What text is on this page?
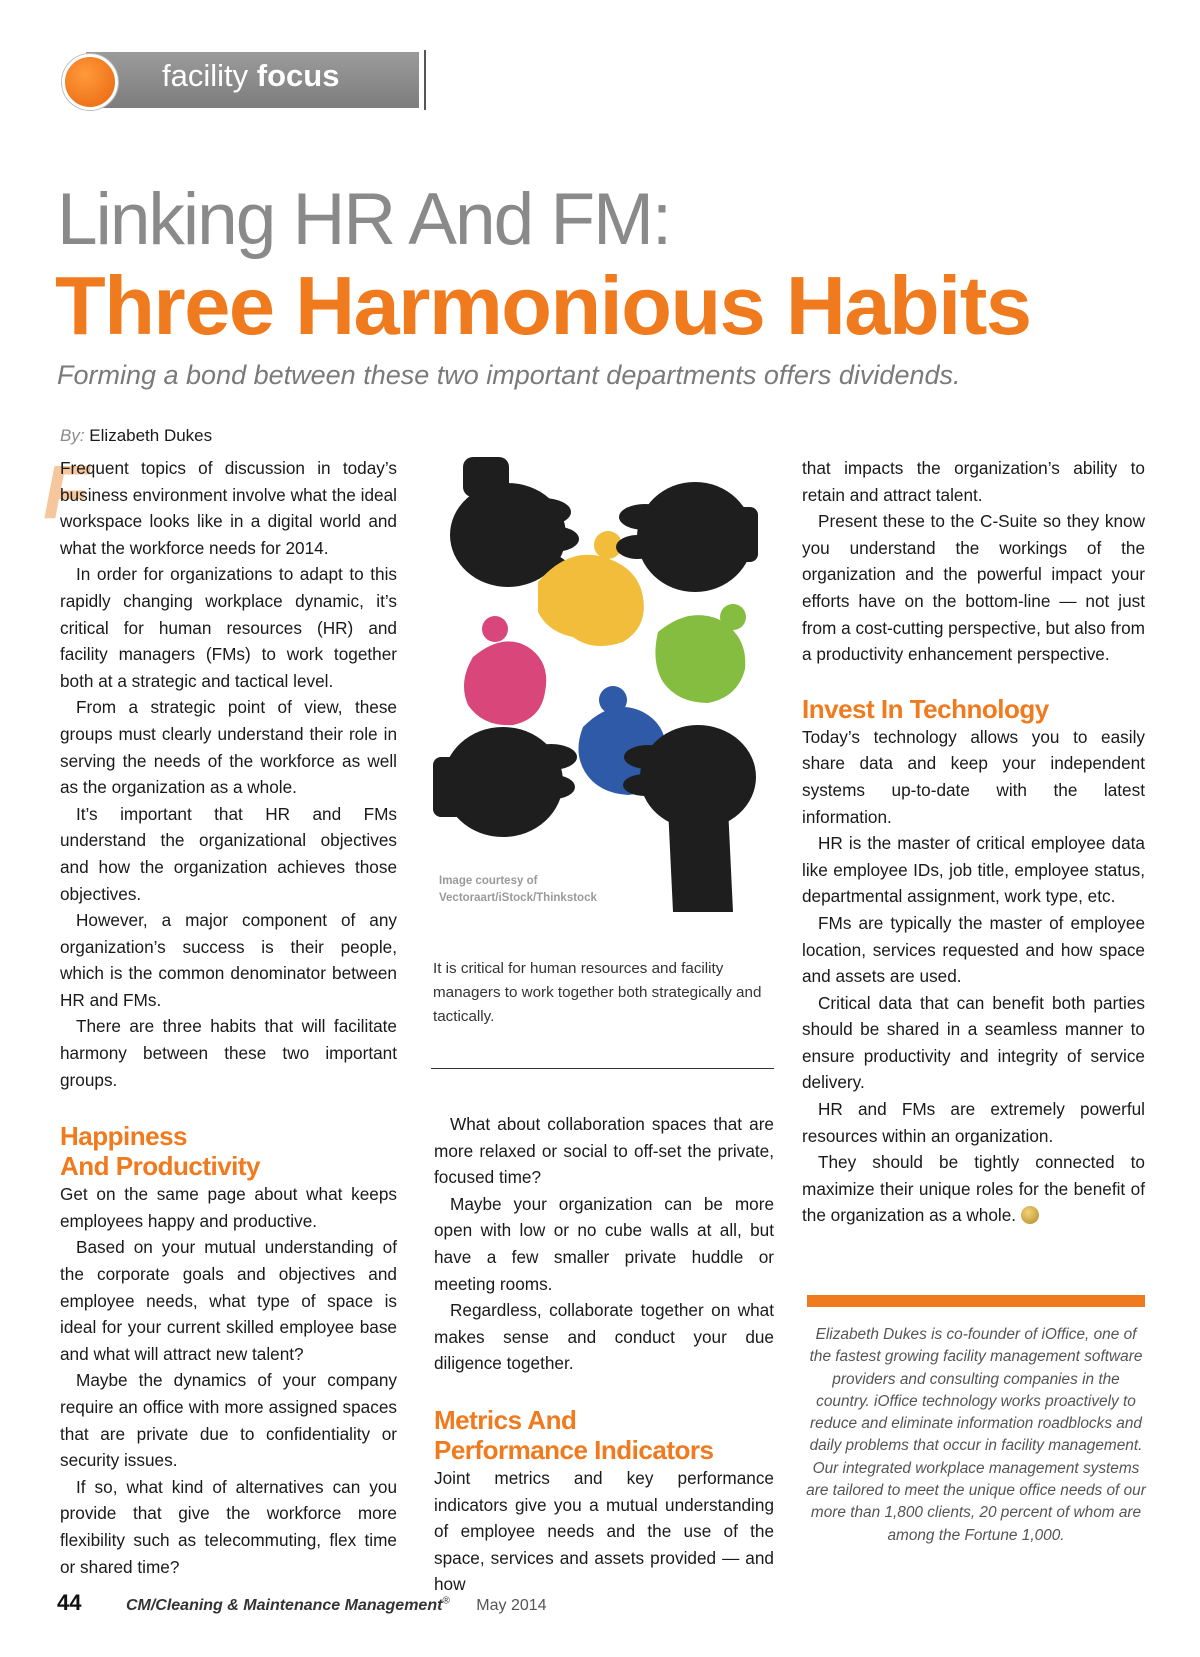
facility focus
Linking HR And FM:
Three Harmonious Habits
Forming a bond between these two important departments offers dividends.
By: Elizabeth Dukes
F

Frequent topics of discussion in today’s business environment involve what the ideal workspace looks like in a digital world and what the workforce needs for 2014.

In order for organizations to adapt to this rapidly changing workplace dynamic, it’s critical for human resources (HR) and facility managers (FMs) to work together both at a strategic and tactical level.

From a strategic point of view, these groups must clearly understand their role in serving the needs of the workforce as well as the organization as a whole.

It’s important that HR and FMs understand the organizational objectives and how the organization achieves those objectives.

However, a major component of any organization’s success is their people, which is the common denominator between HR and FMs.

There are three habits that will facilitate harmony between these two important groups.

Happiness
And Productivity

Get on the same page about what keeps employees happy and productive.

Based on your mutual understanding of the corporate goals and objectives and employee needs, what type of space is ideal for your current skilled employee base and what will attract new talent?

Maybe the dynamics of your company require an office with more assigned spaces that are private due to confidentiality or security issues.

If so, what kind of alternatives can you provide that give the workforce more flexibility such as telecommuting, flex time or shared time?

Image courtesy of
Vectoraart/iStock/Thinkstock
It is critical for human resources and facility managers to work together both strategically and tactically.

What about collaboration spaces that are more relaxed or social to off-set the private, focused time?

Maybe your organization can be more open with low or no cube walls at all, but have a few smaller private huddle or meeting rooms.

Regardless, collaborate together on what makes sense and conduct your due diligence together.

Metrics And
Performance Indicators

Joint metrics and key performance indicators give you a mutual understanding of employee needs and the use of the space, services and assets provided — and how

that impacts the organization’s ability to retain and attract talent.

Present these to the C-Suite so they know you understand the workings of the organization and the powerful impact your efforts have on the bottom-line — not just from a cost-cutting perspective, but also from a productivity enhancement perspective.

Invest In Technology

Today’s technology allows you to easily share data and keep your independent systems up-to-date with the latest information.

HR is the master of critical employee data like employee IDs, job title, employee status, departmental assignment, work type, etc.

FMs are typically the master of employee location, services requested and how space and assets are used.

Critical data that can benefit both parties should be shared in a seamless manner to ensure productivity and integrity of service delivery.

HR and FMs are extremely powerful resources within an organization.

They should be tightly connected to maximize their unique roles for the benefit of the organization as a whole.

Elizabeth Dukes is co-founder of iOffice, one of the fastest growing facility management software providers and consulting companies in the country. iOffice technology works proactively to reduce and eliminate information roadblocks and daily problems that occur in facility management. Our integrated workplace management systems are tailored to meet the unique office needs of our more than 1,800 clients, 20 percent of whom are among the Fortune 1,000.
44	CM/Cleaning & Maintenance Management® May 2014
